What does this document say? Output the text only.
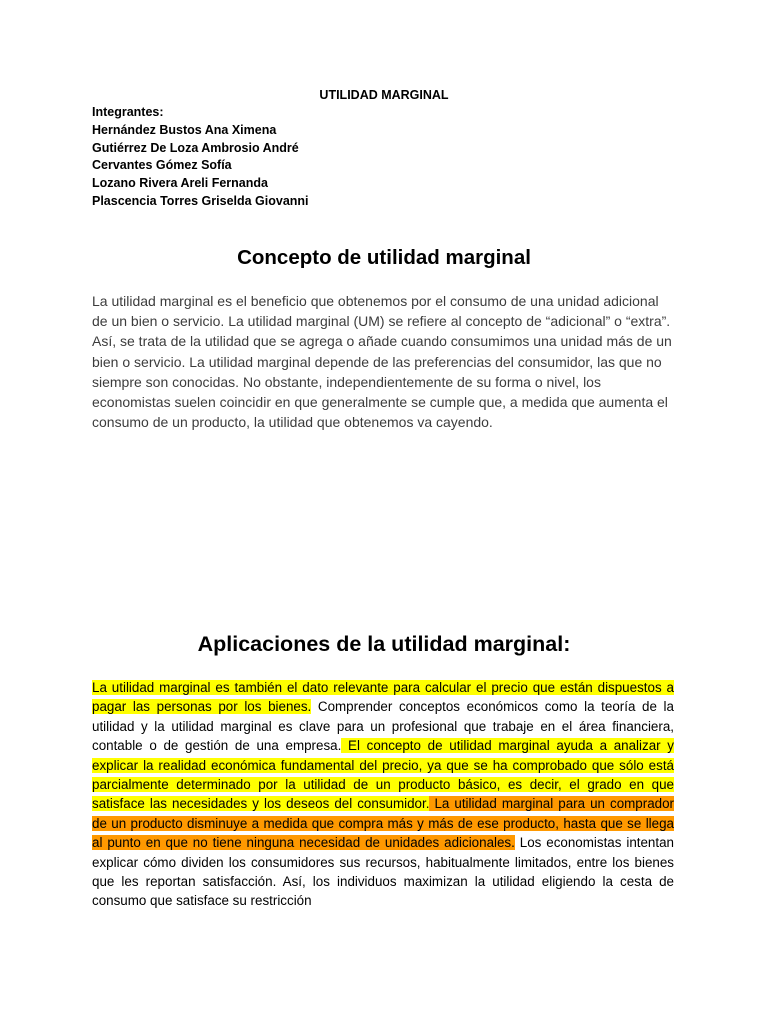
UTILIDAD MARGINAL
Integrantes:
Hernández Bustos Ana Ximena
Gutiérrez De Loza Ambrosio André
Cervantes Gómez Sofía
Lozano Rivera Areli Fernanda
Plascencia Torres Griselda Giovanni
Concepto de utilidad marginal

La utilidad marginal es el beneficio que obtenemos por el consumo de una unidad adicional de un bien o servicio. La utilidad marginal (UM) se refiere al concepto de “adicional” o “extra”. Así, se trata de la utilidad que se agrega o añade cuando consumimos una unidad más de un bien o servicio. La utilidad marginal depende de las preferencias del consumidor, las que no siempre son conocidas. No obstante, independientemente de su forma o nivel, los economistas suelen coincidir en que generalmente se cumple que, a medida que aumenta el consumo de un producto, la utilidad que obtenemos va cayendo.

Aplicaciones de la utilidad marginal:

La utilidad marginal es también el dato relevante para calcular el precio que están dispuestos a pagar las personas por los bienes. Comprender conceptos económicos como la teoría de la utilidad y la utilidad marginal es clave para un profesional que trabaje en el área financiera, contable o de gestión de una empresa. El concepto de utilidad marginal ayuda a analizar y explicar la realidad económica fundamental del precio, ya que se ha comprobado que sólo está parcialmente determinado por la utilidad de un producto básico, es decir, el grado en que satisface las necesidades y los deseos del consumidor. La utilidad marginal para un comprador de un producto disminuye a medida que compra más y más de ese producto, hasta que se llega al punto en que no tiene ninguna necesidad de unidades adicionales. Los economistas intentan explicar cómo dividen los consumidores sus recursos, habitualmente limitados, entre los bienes que les reportan satisfacción. Así, los individuos maximizan la utilidad eligiendo la cesta de consumo que satisface su restricción
